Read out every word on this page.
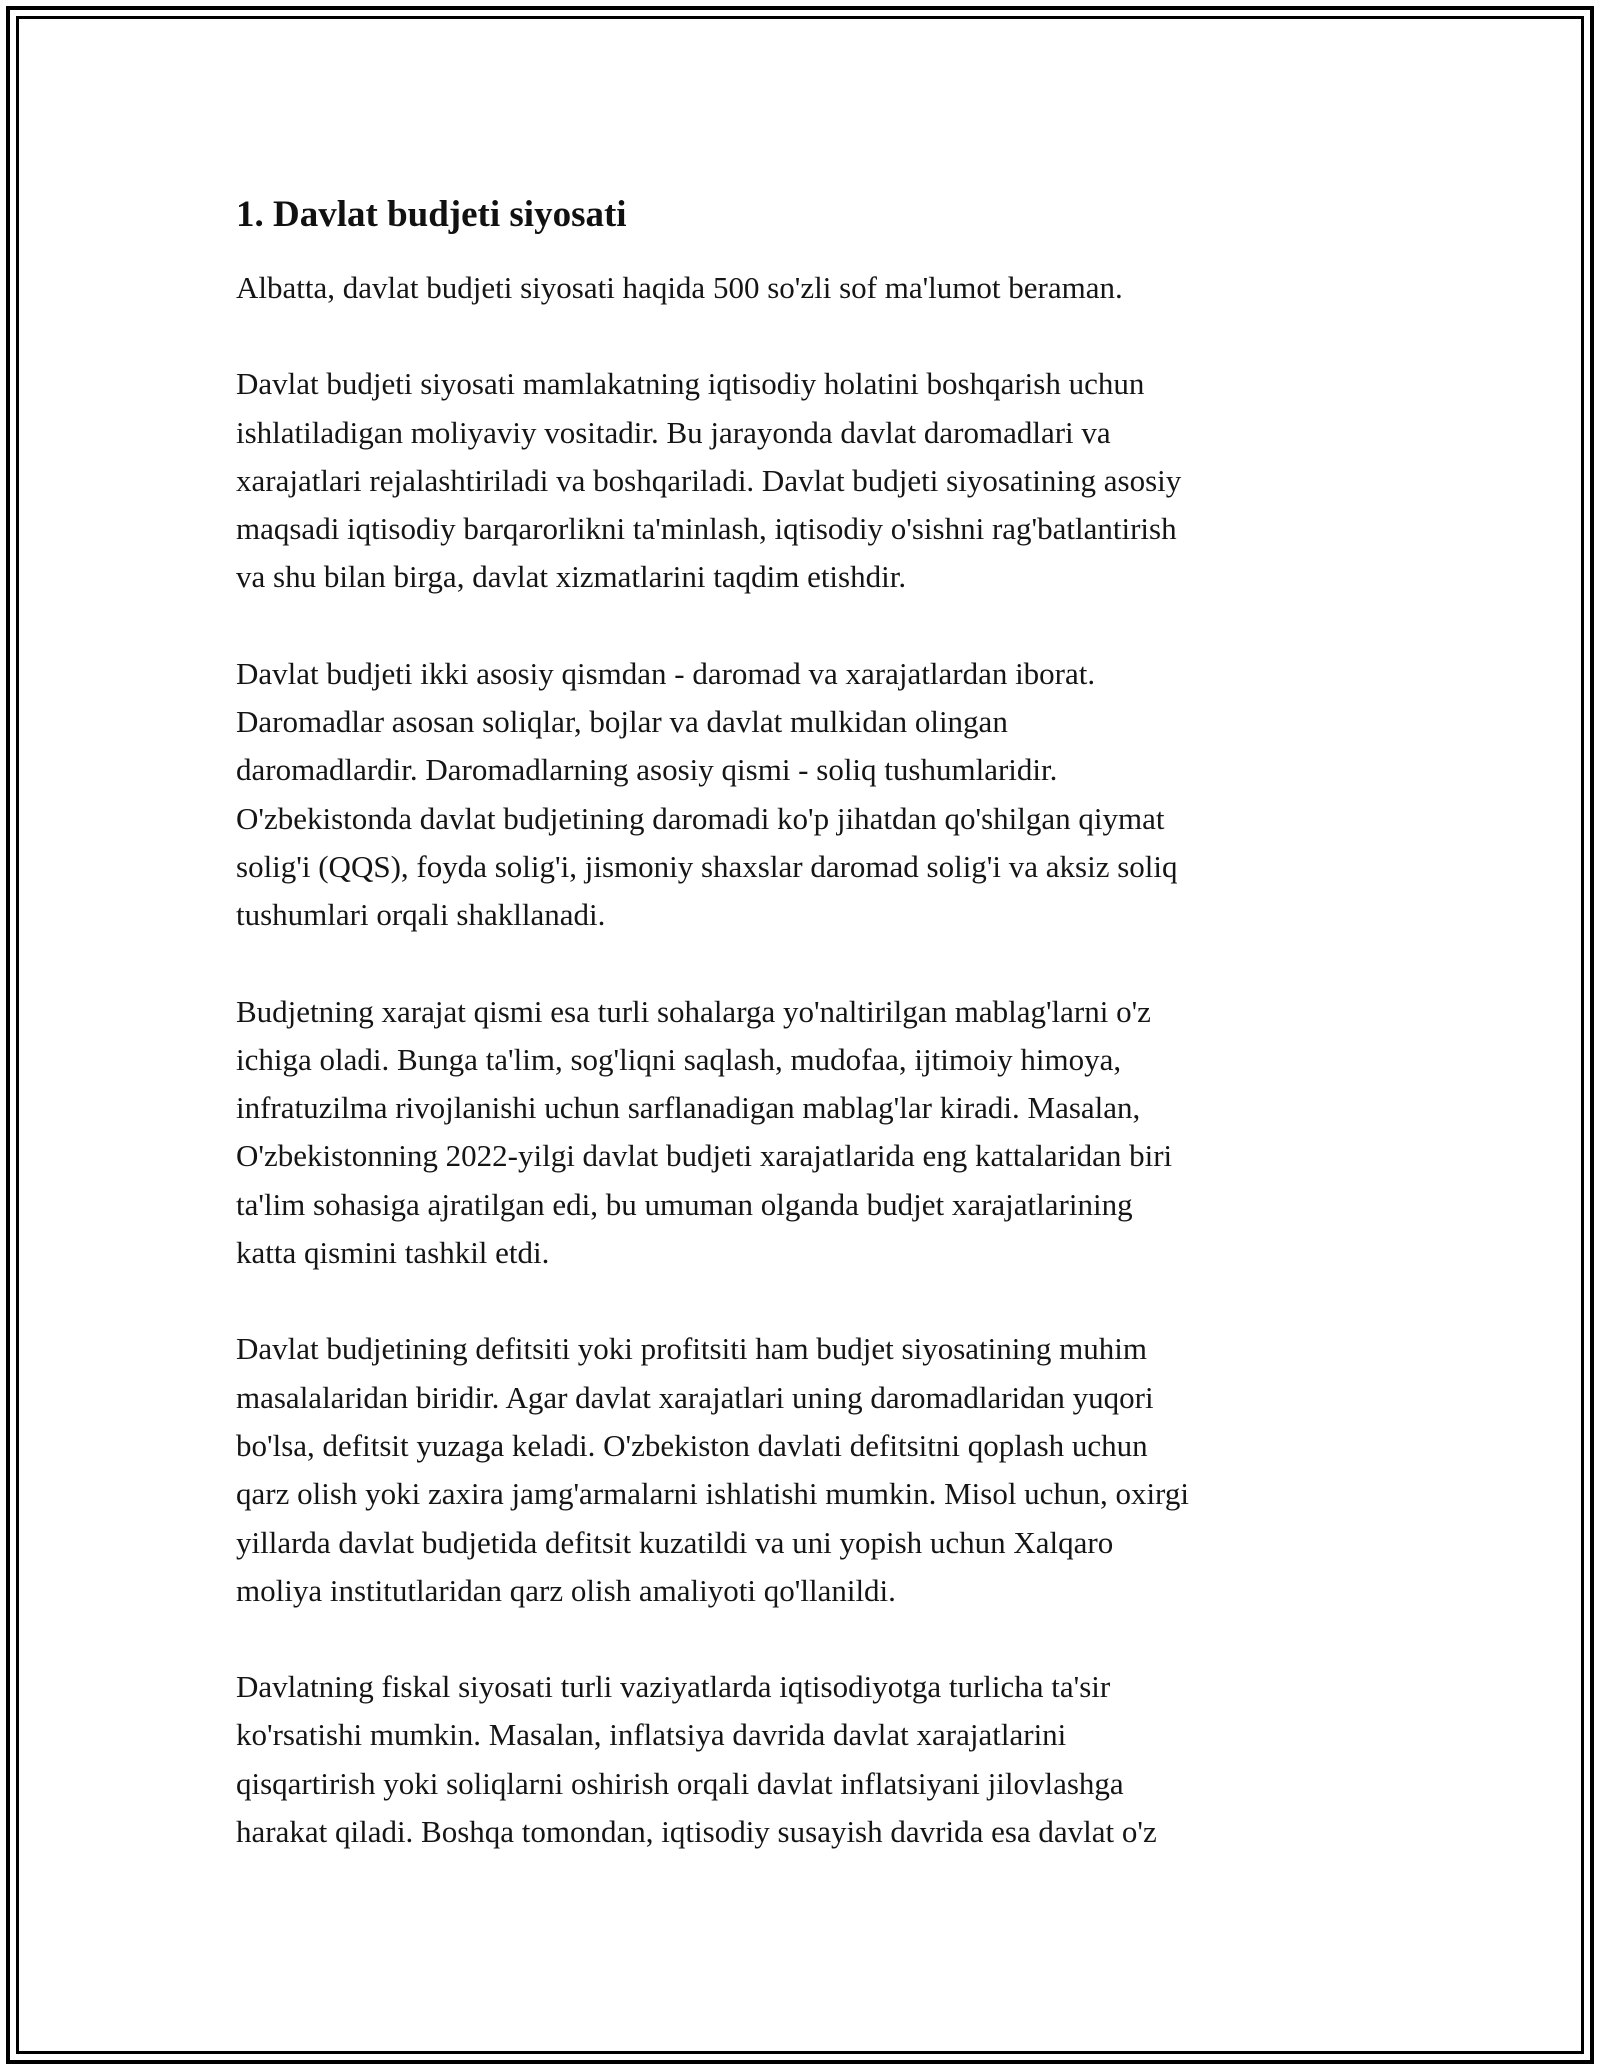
1. Davlat budjeti siyosati

Albatta, davlat budjeti siyosati haqida 500 so'zli sof ma'lumot beraman.

Davlat budjeti siyosati mamlakatning iqtisodiy holatini boshqarish uchun
ishlatiladigan moliyaviy vositadir. Bu jarayonda davlat daromadlari va
xarajatlari rejalashtiriladi va boshqariladi. Davlat budjeti siyosatining asosiy
maqsadi iqtisodiy barqarorlikni ta'minlash, iqtisodiy o'sishni rag'batlantirish
va shu bilan birga, davlat xizmatlarini taqdim etishdir.

Davlat budjeti ikki asosiy qismdan - daromad va xarajatlardan iborat.
Daromadlar asosan soliqlar, bojlar va davlat mulkidan olingan
daromadlardir. Daromadlarning asosiy qismi - soliq tushumlaridir.
O'zbekistonda davlat budjetining daromadi ko'p jihatdan qo'shilgan qiymat
solig'i (QQS), foyda solig'i, jismoniy shaxslar daromad solig'i va aksiz soliq
tushumlari orqali shakllanadi.

Budjetning xarajat qismi esa turli sohalarga yo'naltirilgan mablag'larni o'z
ichiga oladi. Bunga ta'lim, sog'liqni saqlash, mudofaa, ijtimoiy himoya,
infratuzilma rivojlanishi uchun sarflanadigan mablag'lar kiradi. Masalan,
O'zbekistonning 2022-yilgi davlat budjeti xarajatlarida eng kattalaridan biri
ta'lim sohasiga ajratilgan edi, bu umuman olganda budjet xarajatlarining
katta qismini tashkil etdi.

Davlat budjetining defitsiti yoki profitsiti ham budjet siyosatining muhim
masalalaridan biridir. Agar davlat xarajatlari uning daromadlaridan yuqori
bo'lsa, defitsit yuzaga keladi. O'zbekiston davlati defitsitni qoplash uchun
qarz olish yoki zaxira jamg'armalarni ishlatishi mumkin. Misol uchun, oxirgi
yillarda davlat budjetida defitsit kuzatildi va uni yopish uchun Xalqaro
moliya institutlaridan qarz olish amaliyoti qo'llanildi.

Davlatning fiskal siyosati turli vaziyatlarda iqtisodiyotga turlicha ta'sir
ko'rsatishi mumkin. Masalan, inflatsiya davrida davlat xarajatlarini
qisqartirish yoki soliqlarni oshirish orqali davlat inflatsiyani jilovlashga
harakat qiladi. Boshqa tomondan, iqtisodiy susayish davrida esa davlat o'z
